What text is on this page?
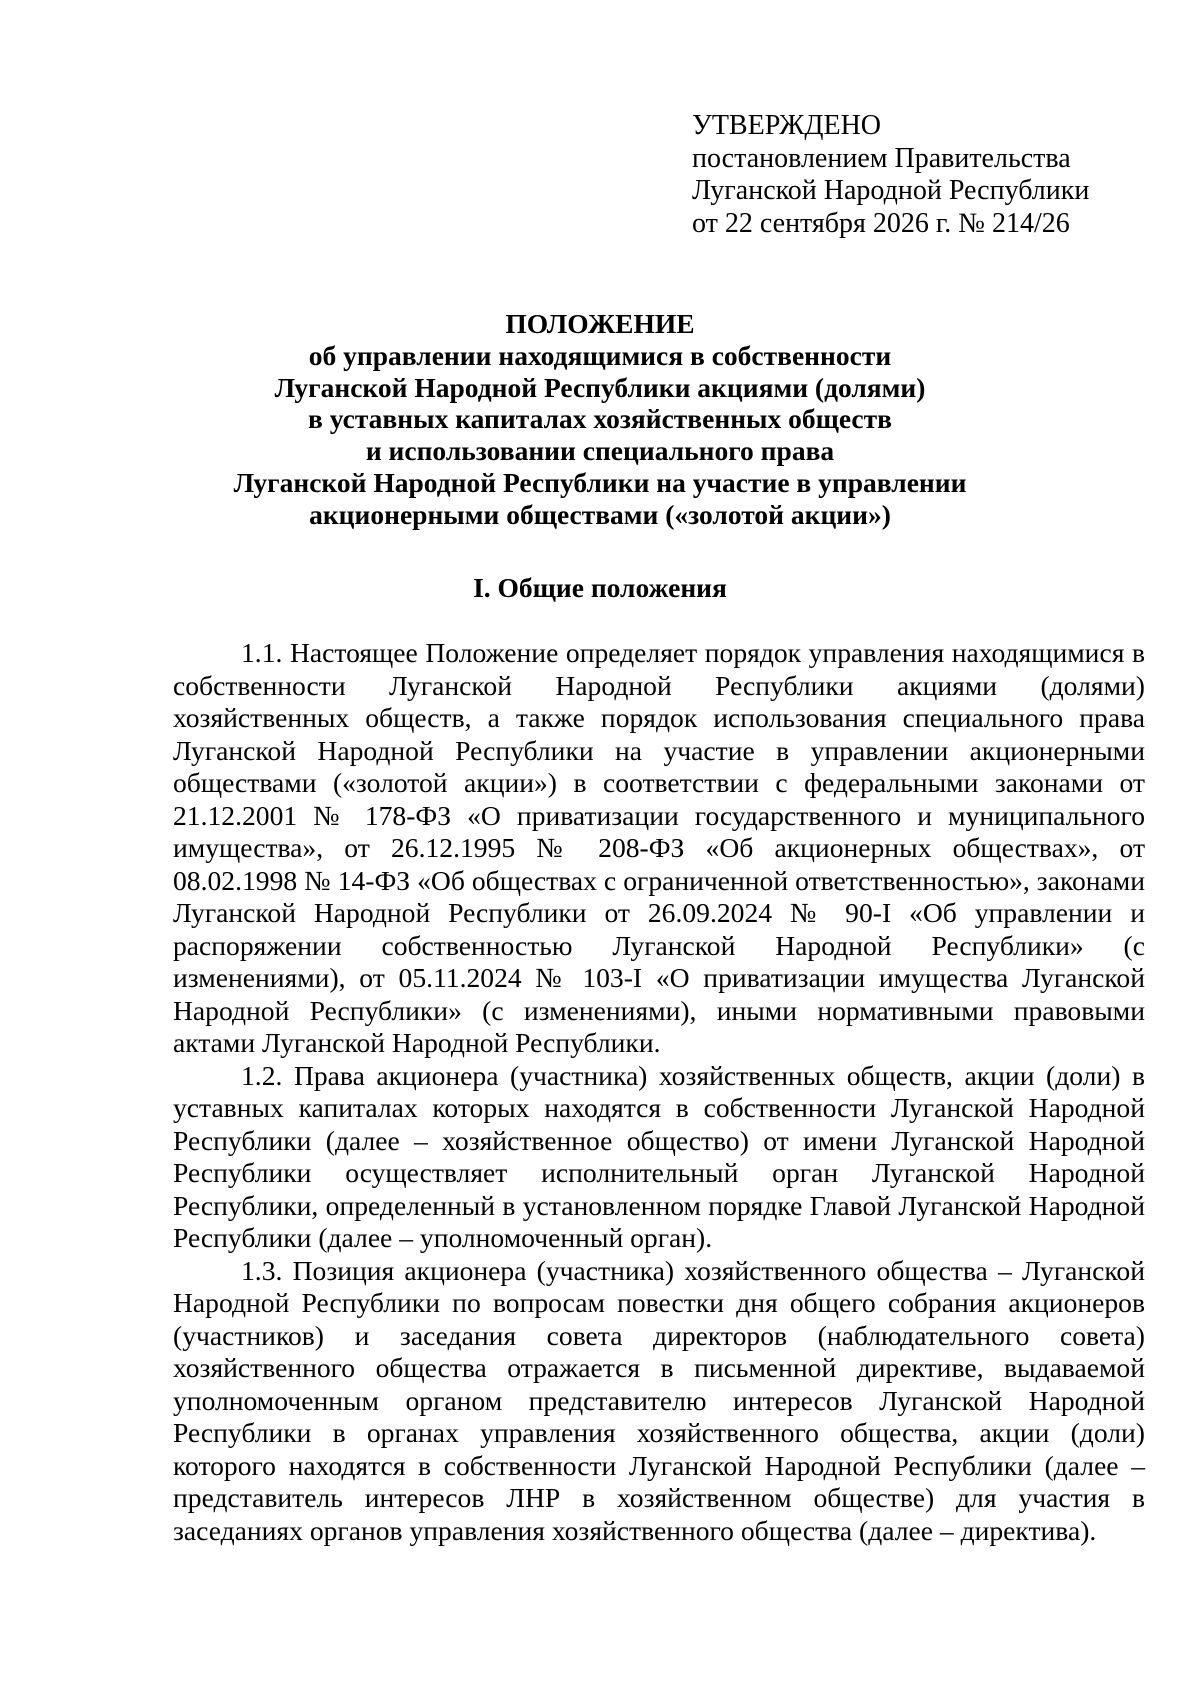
УТВЕРЖДЕНО
постановлением Правительства
Луганской Народной Республики
от 22 сентября 2026 г. № 214/26
ПОЛОЖЕНИЕ
об управлении находящимися в собственности
Луганской Народной Республики акциями (долями)
в уставных капиталах хозяйственных обществ
и использовании специального права
Луганской Народной Республики на участие в управлении
акционерными обществами («золотой акции»)
I. Общие положения

1.1. Настоящее Положение определяет порядок управления находящимися в собственности Луганской Народной Республики акциями (долями) хозяйственных обществ, а также порядок использования специального права Луганской Народной Республики на участие в управлении акционерными обществами («золотой акции») в соответствии с федеральными законами от 21.12.2001 № 178-ФЗ «О приватизации государственного и муниципального имущества», от 26.12.1995 № 208-ФЗ «Об акционерных обществах», от 08.02.1998 № 14-ФЗ «Об обществах с ограниченной ответственностью», законами Луганской Народной Республики от 26.09.2024 № 90-I «Об управлении и распоряжении собственностью Луганской Народной Республики» (с изменениями), от 05.11.2024 № 103-I «О приватизации имущества Луганской Народной Республики» (с изменениями), иными нормативными правовыми актами Луганской Народной Республики.

1.2. Права акционера (участника) хозяйственных обществ, акции (доли) в уставных капиталах которых находятся в собственности Луганской Народной Республики (далее – хозяйственное общество) от имени Луганской Народной Республики осуществляет исполнительный орган Луганской Народной Республики, определенный в установленном порядке Главой Луганской Народной Республики (далее – уполномоченный орган).

1.3. Позиция акционера (участника) хозяйственного общества – Луганской Народной Республики по вопросам повестки дня общего собрания акционеров (участников) и заседания совета директоров (наблюдательного совета) хозяйственного общества отражается в письменной директиве, выдаваемой уполномоченным органом представителю интересов Луганской Народной Республики в органах управления хозяйственного общества, акции (доли) которого находятся в собственности Луганской Народной Республики (далее – представитель интересов ЛНР в хозяйственном обществе) для участия в заседаниях органов управления хозяйственного общества (далее – директива).
